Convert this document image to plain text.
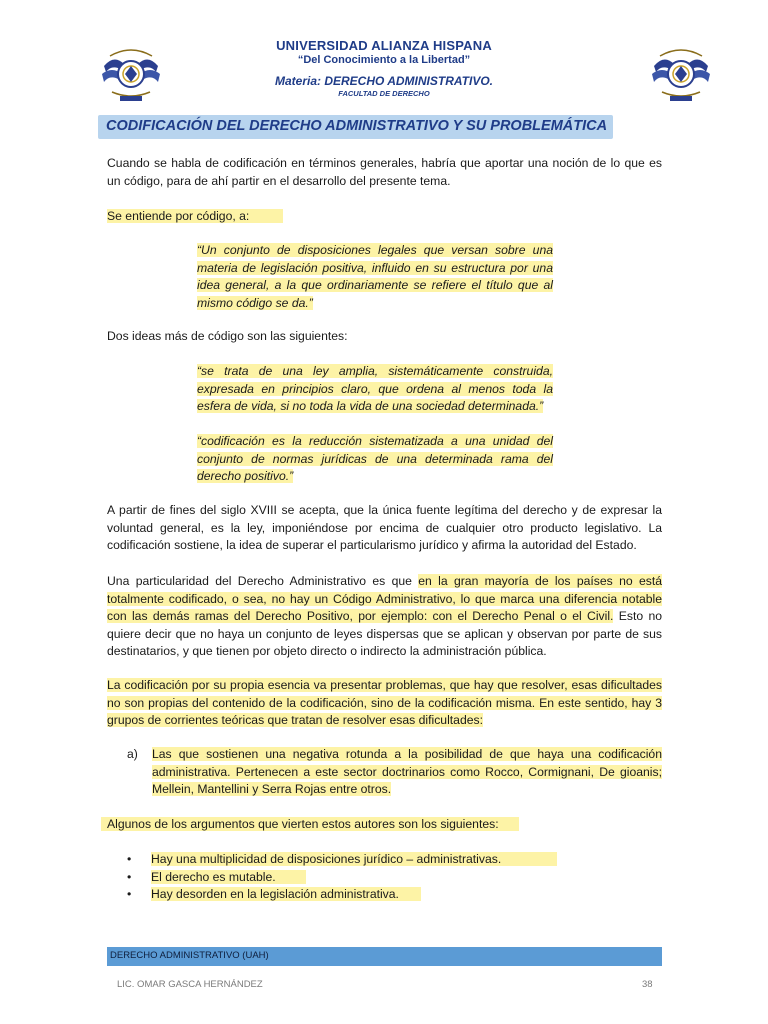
UNIVERSIDAD ALIANZA HISPANA
“Del Conocimiento a la Libertad”
Materia: DERECHO ADMINISTRATIVO.
FACULTAD DE DERECHO
CODIFICACIÓN DEL DERECHO ADMINISTRATIVO Y SU PROBLEMÁTICA
Cuando se habla de codificación en términos generales, habría que aportar una noción de lo que es un código, para de ahí partir en el desarrollo del presente tema.
Se entiende por código, a:
“Un conjunto de disposiciones legales que versan sobre una materia de legislación positiva, influido en su estructura por una idea general, a la que ordinariamente se refiere el título que al mismo código se da.”
Dos ideas más de código son las siguientes:
“se trata de una ley amplia, sistemáticamente construida, expresada en principios claro, que ordena al menos toda la esfera de vida, si no toda la vida de una sociedad determinada.”
“codificación es la reducción sistematizada a una unidad del conjunto de normas jurídicas de una determinada rama del derecho positivo.”
A partir de fines del siglo XVIII se acepta, que la única fuente legítima del derecho y de expresar la voluntad general, es la ley, imponiéndose por encima de cualquier otro producto legislativo. La codificación sostiene, la idea de superar el particularismo jurídico y afirma la autoridad del Estado.
Una particularidad del Derecho Administrativo es que en la gran mayoría de los países no está totalmente codificado, o sea, no hay un Código Administrativo, lo que marca una diferencia notable con las demás ramas del Derecho Positivo, por ejemplo: con el Derecho Penal o el Civil. Esto no quiere decir que no haya un conjunto de leyes dispersas que se aplican y observan por parte de sus destinatarios, y que tienen por objeto directo o indirecto la administración pública.
La codificación por su propia esencia va presentar problemas, que hay que resolver, esas dificultades no son propias del contenido de la codificación, sino de la codificación misma. En este sentido, hay 3 grupos de corrientes teóricas que tratan de resolver esas dificultades:
a) Las que sostienen una negativa rotunda a la posibilidad de que haya una codificación administrativa. Pertenecen a este sector doctrinarios como Rocco, Cormignani, De gioanis; Mellein, Mantellini y Serra Rojas entre otros.
Algunos de los argumentos que vierten estos autores son los siguientes:
• Hay una multiplicidad de disposiciones jurídico – administrativas.
• El derecho es mutable.
• Hay desorden en la legislación administrativa.
DERECHO ADMINISTRATIVO (UAH)
LIC. OMAR GASCA HERNÁNDEZ	38
